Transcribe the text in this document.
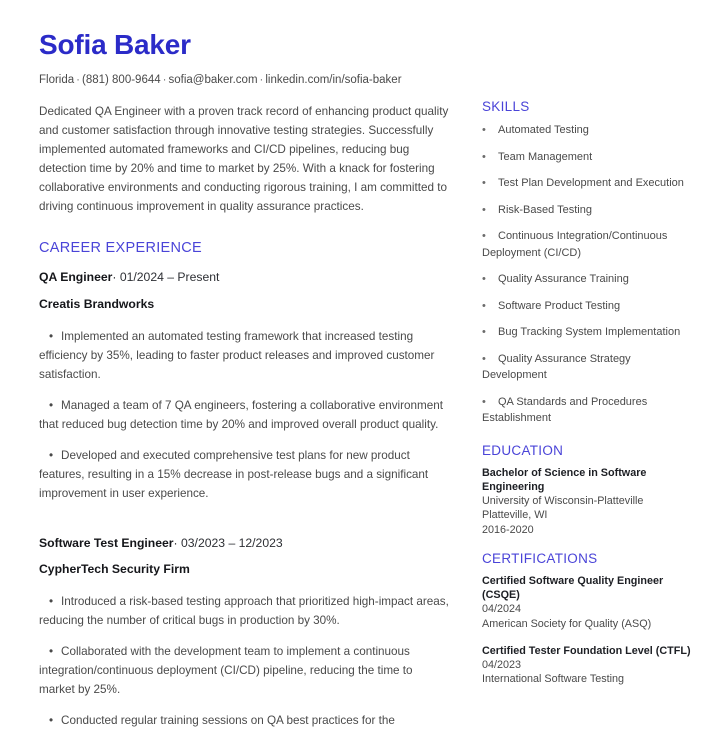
Sofia Baker
Florida · (881) 800-9644 · sofia@baker.com · linkedin.com/in/sofia-baker

Dedicated QA Engineer with a proven track record of enhancing product quality and customer satisfaction through innovative testing strategies. Successfully implemented automated frameworks and CI/CD pipelines, reducing bug detection time by 20% and time to market by 25%. With a knack for fostering collaborative environments and conducting rigorous training, I am committed to driving continuous improvement in quality assurance practices.

CAREER EXPERIENCE
QA Engineer· 01/2024 – Present
Creatis Brandworks
• Implemented an automated testing framework that increased testing efficiency by 35%, leading to faster product releases and improved customer satisfaction.
• Managed a team of 7 QA engineers, fostering a collaborative environment that reduced bug detection time by 20% and improved overall product quality.
• Developed and executed comprehensive test plans for new product features, resulting in a 15% decrease in post-release bugs and a significant improvement in user experience.
Software Test Engineer· 03/2023 – 12/2023
CypherTech Security Firm
• Introduced a risk-based testing approach that prioritized high-impact areas, reducing the number of critical bugs in production by 30%.
• Collaborated with the development team to implement a continuous integration/continuous deployment (CI/CD) pipeline, reducing the time to market by 25%.
• Conducted regular training sessions on QA best practices for the
SKILLS
• Automated Testing
• Team Management
• Test Plan Development and Execution
• Risk-Based Testing
• Continuous Integration/Continuous Deployment (CI/CD)
• Quality Assurance Training
• Software Product Testing
• Bug Tracking System Implementation
• Quality Assurance Strategy Development
• QA Standards and Procedures Establishment
EDUCATION
Bachelor of Science in Software Engineering
University of Wisconsin-Platteville
Platteville, WI
2016-2020
CERTIFICATIONS
Certified Software Quality Engineer (CSQE)
04/2024
American Society for Quality (ASQ)
Certified Tester Foundation Level (CTFL)
04/2023
International Software Testing
